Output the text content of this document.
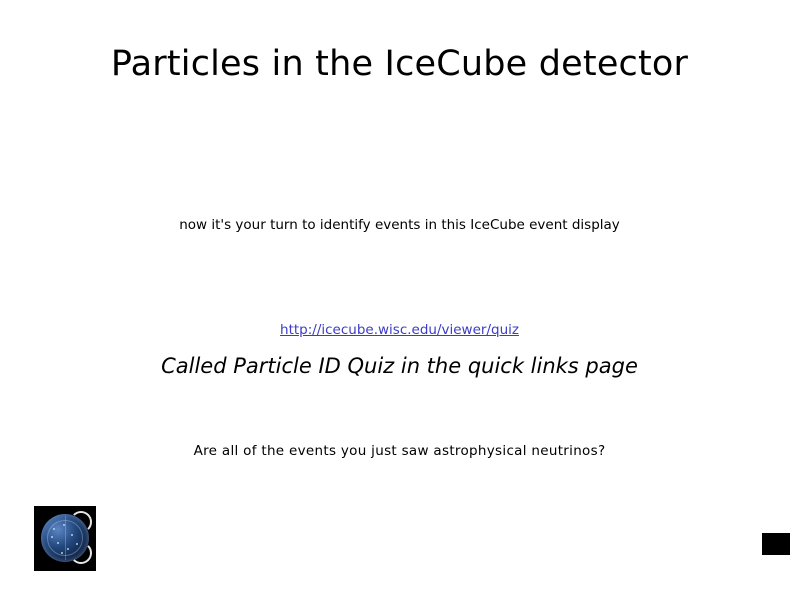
Particles in the IceCube detector
now it's your turn to identify events in this IceCube event display
http://icecube.wisc.edu/viewer/quiz
Called Particle ID Quiz in the quick links page
Are all of the events you just saw astrophysical neutrinos?
